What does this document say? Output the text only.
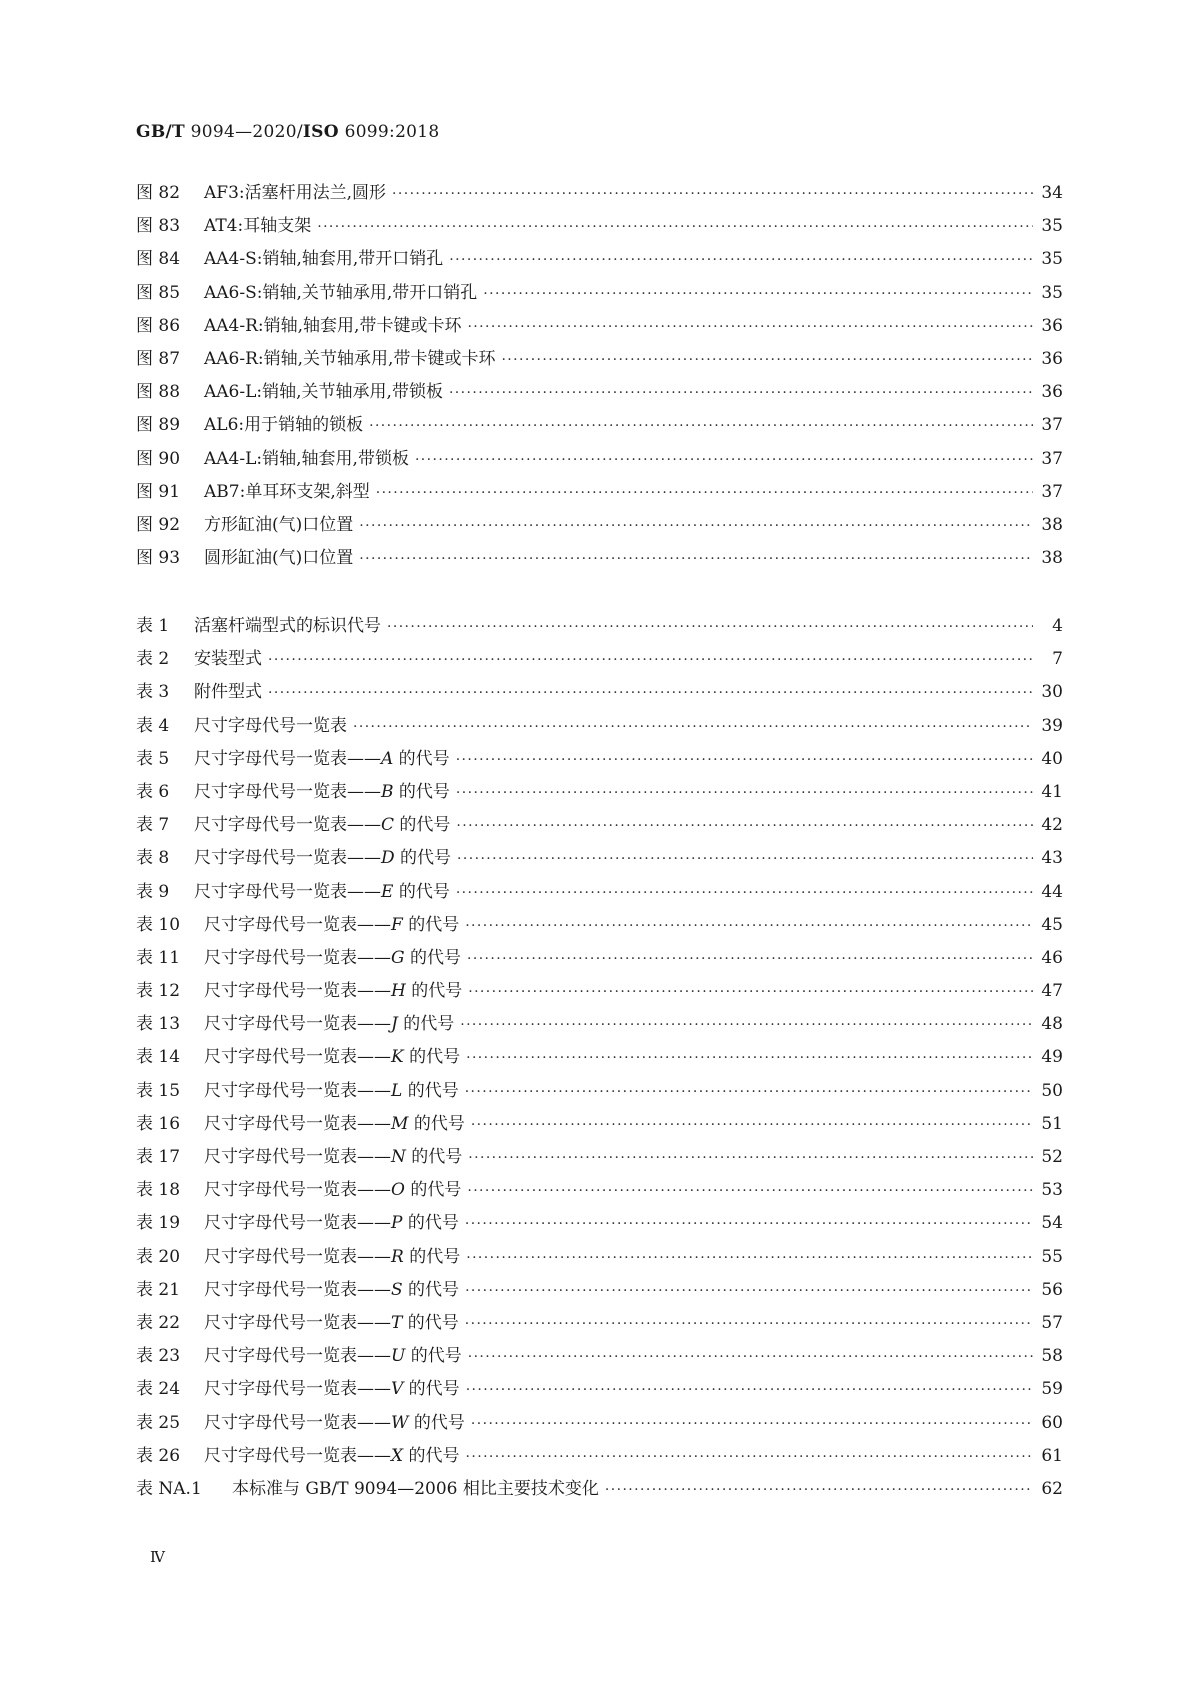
GB/T 9094—2020/ISO 6099:2018
图 82	AF3:活塞杆用法兰,圆形 ·····	34
图 83	AT4:耳轴支架 ·····	35
图 84	AA4-S:销轴,轴套用,带开口销孔 ·····	35
图 85	AA6-S:销轴,关节轴承用,带开口销孔 ·····	35
图 86	AA4-R:销轴,轴套用,带卡键或卡环 ·····	36
图 87	AA6-R:销轴,关节轴承用,带卡键或卡环 ·····	36
图 88	AA6-L:销轴,关节轴承用,带锁板 ·····	36
图 89	AL6:用于销轴的锁板 ·····	37
图 90	AA4-L:销轴,轴套用,带锁板 ·····	37
图 91	AB7:单耳环支架,斜型 ·····	37
图 92	方形缸油(气)口位置 ·····	38
图 93	圆形缸油(气)口位置 ·····	38
表 1	活塞杆端型式的标识代号 ·····	4
表 2	安装型式 ·····	7
表 3	附件型式 ·····	30
表 4	尺寸字母代号一览表 ·····	39
表 5	尺寸字母代号一览表——A 的代号 ·····	40
表 6	尺寸字母代号一览表——B 的代号 ·····	41
表 7	尺寸字母代号一览表——C 的代号 ·····	42
表 8	尺寸字母代号一览表——D 的代号 ·····	43
表 9	尺寸字母代号一览表——E 的代号 ·····	44
表 10	尺寸字母代号一览表——F 的代号 ·····	45
表 11	尺寸字母代号一览表——G 的代号 ·····	46
表 12	尺寸字母代号一览表——H 的代号 ·····	47
表 13	尺寸字母代号一览表——J 的代号 ·····	48
表 14	尺寸字母代号一览表——K 的代号 ·····	49
表 15	尺寸字母代号一览表——L 的代号 ·····	50
表 16	尺寸字母代号一览表——M 的代号 ·····	51
表 17	尺寸字母代号一览表——N 的代号 ·····	52
表 18	尺寸字母代号一览表——O 的代号 ·····	53
表 19	尺寸字母代号一览表——P 的代号 ·····	54
表 20	尺寸字母代号一览表——R 的代号 ·····	55
表 21	尺寸字母代号一览表——S 的代号 ·····	56
表 22	尺寸字母代号一览表——T 的代号 ·····	57
表 23	尺寸字母代号一览表——U 的代号 ·····	58
表 24	尺寸字母代号一览表——V 的代号 ·····	59
表 25	尺寸字母代号一览表——W 的代号 ·····	60
表 26	尺寸字母代号一览表——X 的代号 ·····	61
表 NA.1	本标准与 GB/T 9094—2006 相比主要技术变化 ·····	62
Ⅳ
